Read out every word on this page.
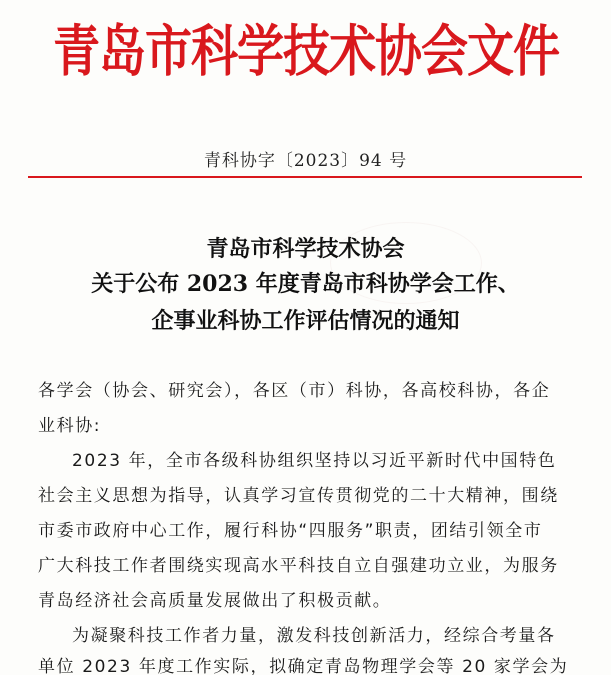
青岛市科学技术协会文件
青科协字〔2023〕94 号
青岛市科学技术协会
关于公布 2023 年度青岛市科协学会工作、
企事业科协工作评估情况的通知
各学会（协会、研究会），各区（市）科协，各高校科协，各企
业科协:
2023 年，全市各级科协组织坚持以习近平新时代中国特色
社会主义思想为指导，认真学习宣传贯彻党的二十大精神，围绕
市委市政府中心工作，履行科协“四服务”职责，团结引领全市
广大科技工作者围绕实现高水平科技自立自强建功立业，为服务
青岛经济社会高质量发展做出了积极贡献。
为凝聚科技工作者力量，激发科技创新活力，经综合考量各
单位 2023 年度工作实际，拟确定青岛物理学会等 20 家学会为
